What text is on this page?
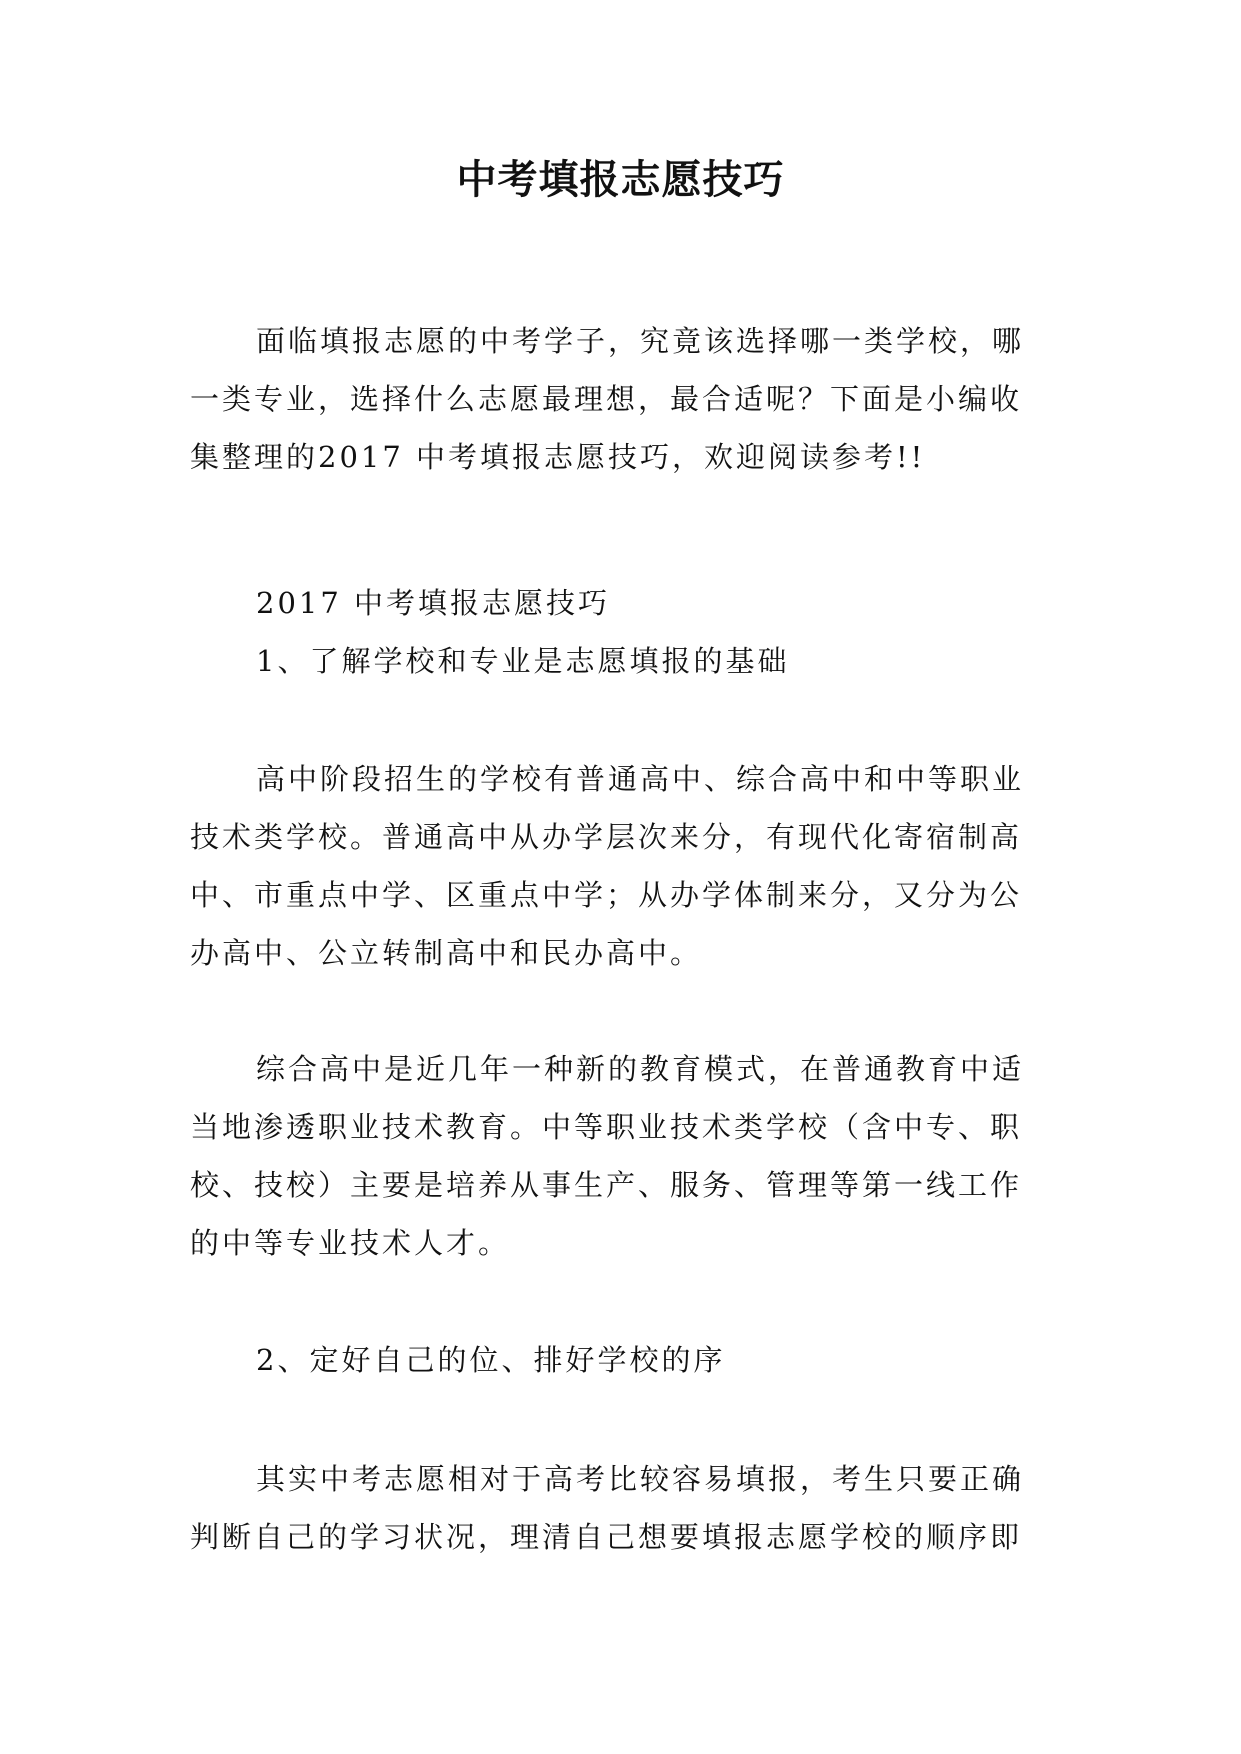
中考填报志愿技巧

面临填报志愿的中考学子，究竟该选择哪一类学校，哪
一类专业，选择什么志愿最理想，最合适呢？下面是小编收
集整理的2017 中考填报志愿技巧，欢迎阅读参考!!

2017 中考填报志愿技巧

1、了解学校和专业是志愿填报的基础

高中阶段招生的学校有普通高中、综合高中和中等职业
技术类学校。普通高中从办学层次来分，有现代化寄宿制高
中、市重点中学、区重点中学；从办学体制来分，又分为公
办高中、公立转制高中和民办高中。

综合高中是近几年一种新的教育模式，在普通教育中适
当地渗透职业技术教育。中等职业技术类学校（含中专、职
校、技校）主要是培养从事生产、服务、管理等第一线工作
的中等专业技术人才。

2、定好自己的位、排好学校的序

其实中考志愿相对于高考比较容易填报，考生只要正确
判断自己的学习状况，理清自己想要填报志愿学校的顺序即
